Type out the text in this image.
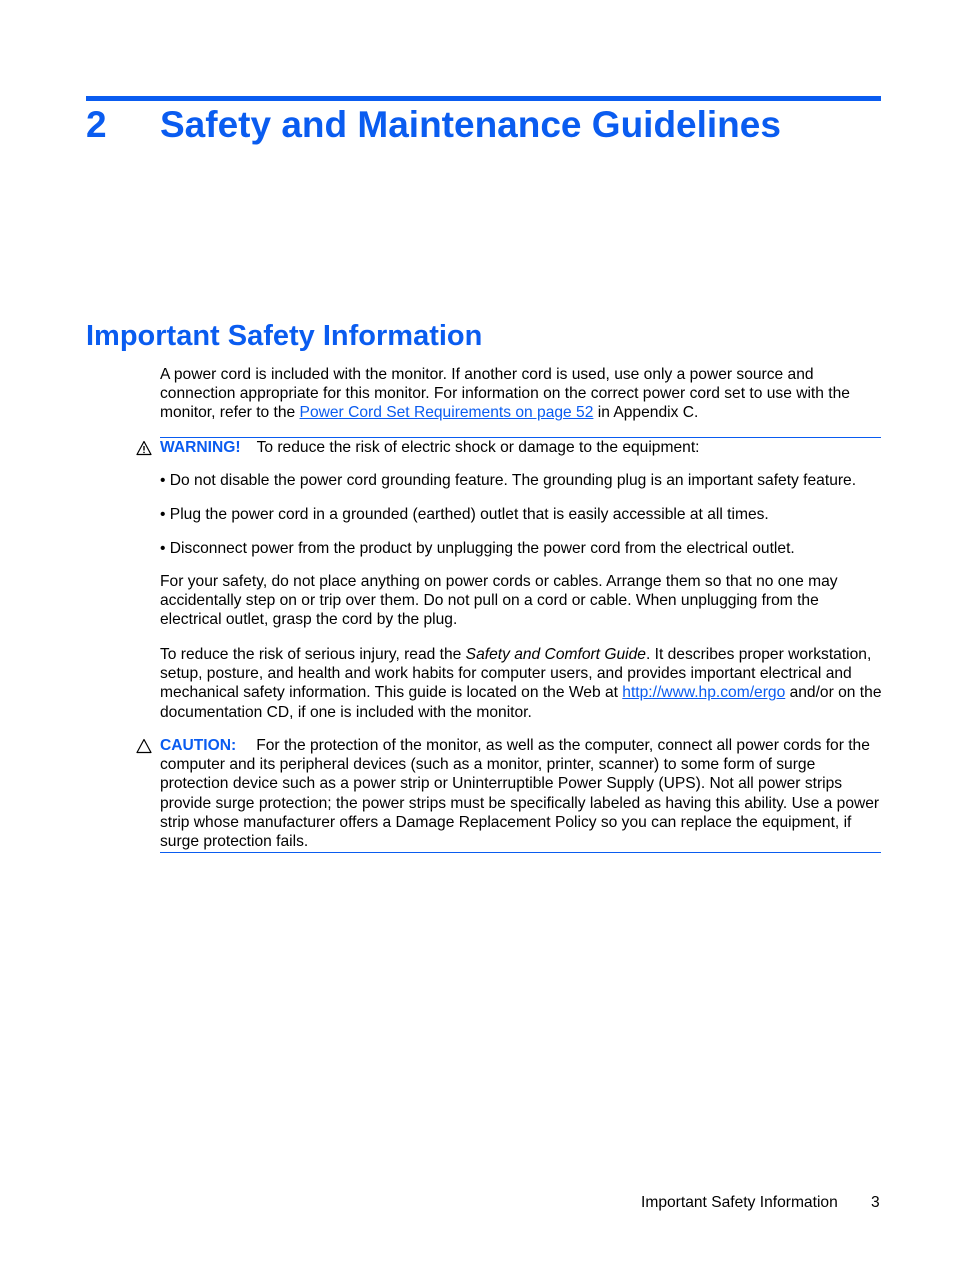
2 Safety and Maintenance Guidelines
Important Safety Information

A power cord is included with the monitor. If another cord is used, use only a power source and connection appropriate for this monitor. For information on the correct power cord set to use with the monitor, refer to the Power Cord Set Requirements on page 52 in Appendix C.

WARNING! To reduce the risk of electric shock or damage to the equipment:

• Do not disable the power cord grounding feature. The grounding plug is an important safety feature.

• Plug the power cord in a grounded (earthed) outlet that is easily accessible at all times.

• Disconnect power from the product by unplugging the power cord from the electrical outlet.

For your safety, do not place anything on power cords or cables. Arrange them so that no one may accidentally step on or trip over them. Do not pull on a cord or cable. When unplugging from the electrical outlet, grasp the cord by the plug.

To reduce the risk of serious injury, read the Safety and Comfort Guide. It describes proper workstation, setup, posture, and health and work habits for computer users, and provides important electrical and mechanical safety information. This guide is located on the Web at http://www.hp.com/ergo and/or on the documentation CD, if one is included with the monitor.

CAUTION: For the protection of the monitor, as well as the computer, connect all power cords for the computer and its peripheral devices (such as a monitor, printer, scanner) to some form of surge protection device such as a power strip or Uninterruptible Power Supply (UPS). Not all power strips provide surge protection; the power strips must be specifically labeled as having this ability. Use a power strip whose manufacturer offers a Damage Replacement Policy so you can replace the equipment, if surge protection fails.

Important Safety Information 3
